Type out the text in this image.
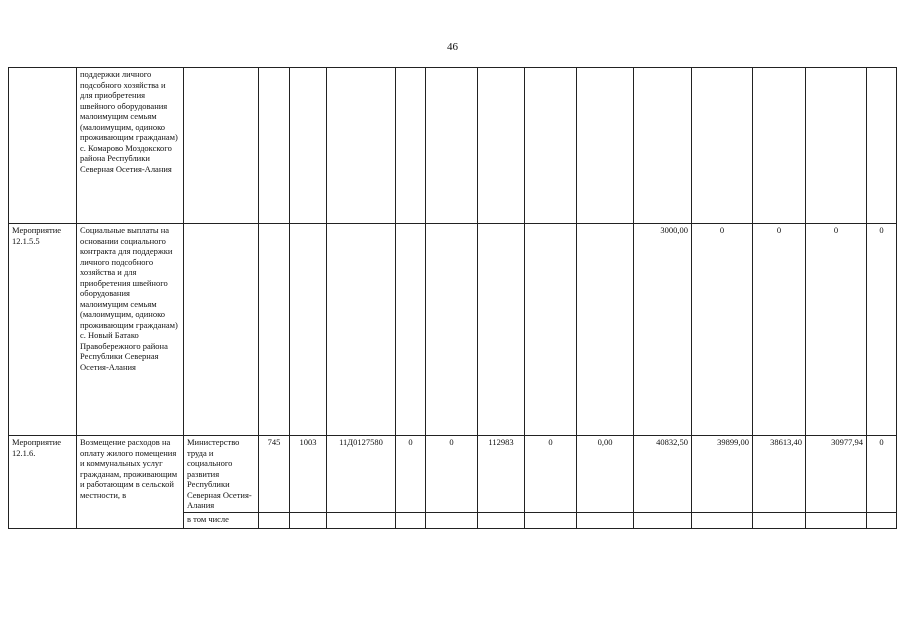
46
	поддержки личного подсобного хозяйства и для приобретения швейного оборудования малоимущим семьям (малоимущим, одиноко проживающим гражданам) с. Комарово Моздокского района Республики Северная Осетия-Алания														
Мероприятие 12.1.5.5	Социальные выплаты на основании социального контракта для поддержки личного подсобного хозяйства и для приобретения швейного оборудования малоимущим семьям (малоимущим, одиноко проживающим гражданам) с. Новый Батако Правобережного района Республики Северная Осетия-Алания										3000,00	0	0	0	0
Мероприятие 12.1.6.	Возмещение расходов на оплату жилого помещения и коммунальных услуг гражданам, проживающим и работающим в сельской местности, в	Министерство труда и социального развития Республики Северная Осетия-Алания	745	1003	11Д0127580	0	0	112983	0	0,00	40832,50	39899,00	38613,40	30977,94	0
		в том числе													
